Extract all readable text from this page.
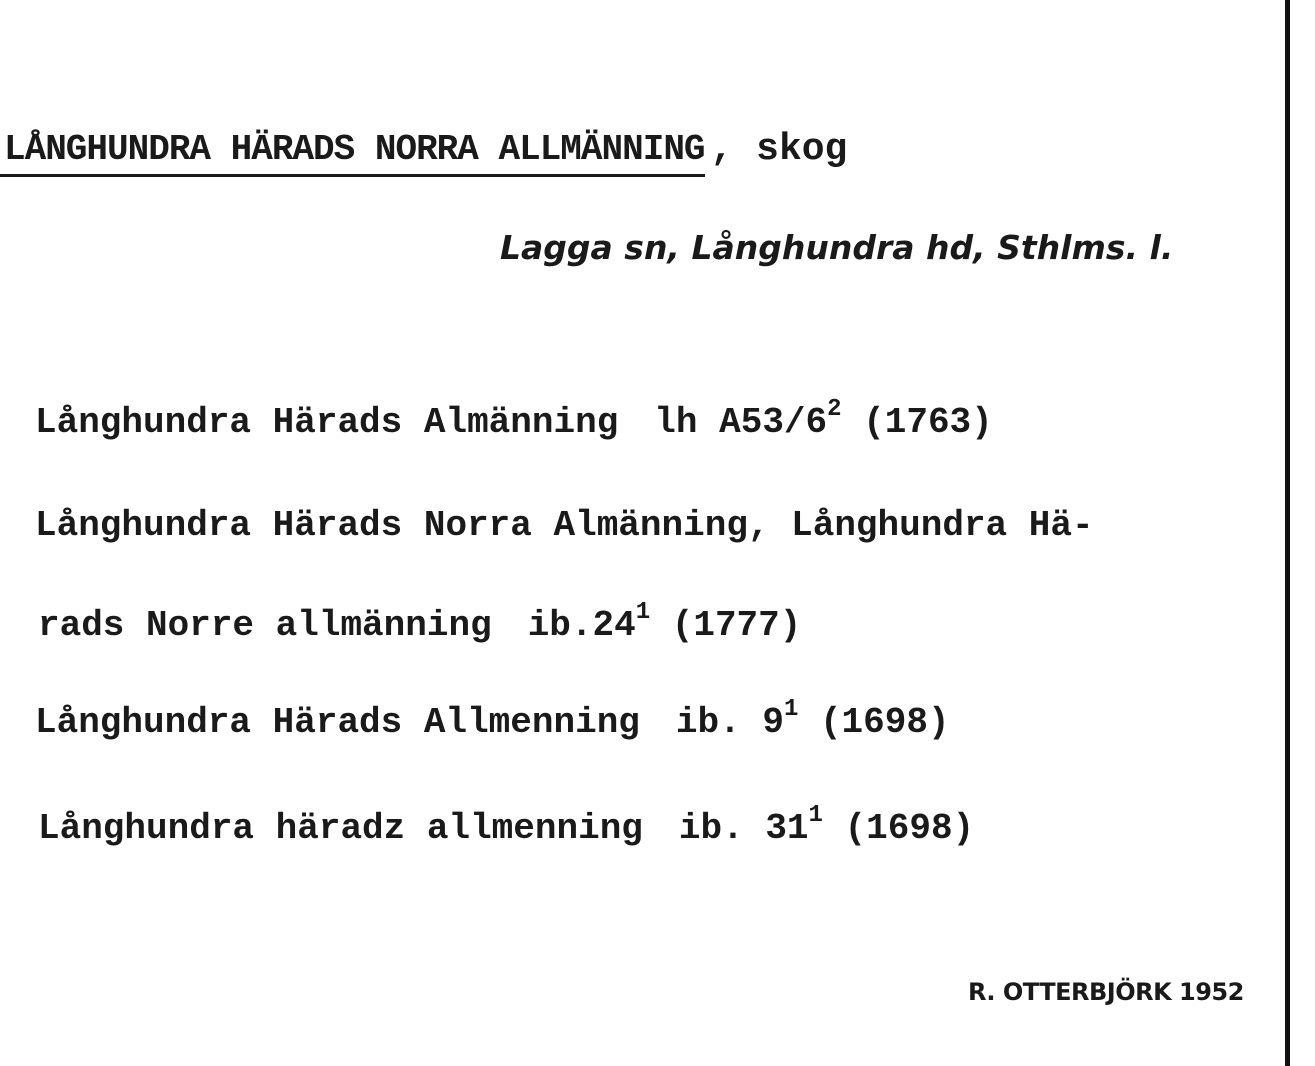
LÅNGHUNDRA HÄRADS NORRA ALLMÄNNING , skog
Lagga sn, Långhundra hd, Sthlms. l.
Långhundra Härads Almänning lh $A53/6^2$ (1763)
Långhundra Härads Norra Almänning, Långhundra Hä-
rads Norre allmänning $ib.24^1$ (1777)
Långhundra Härads Allmenning ib. $9^1$ (1698)
Långhundra häradz allmenning ib. $31^1$ (1698)
R. OTTERBJÖRK 1952
